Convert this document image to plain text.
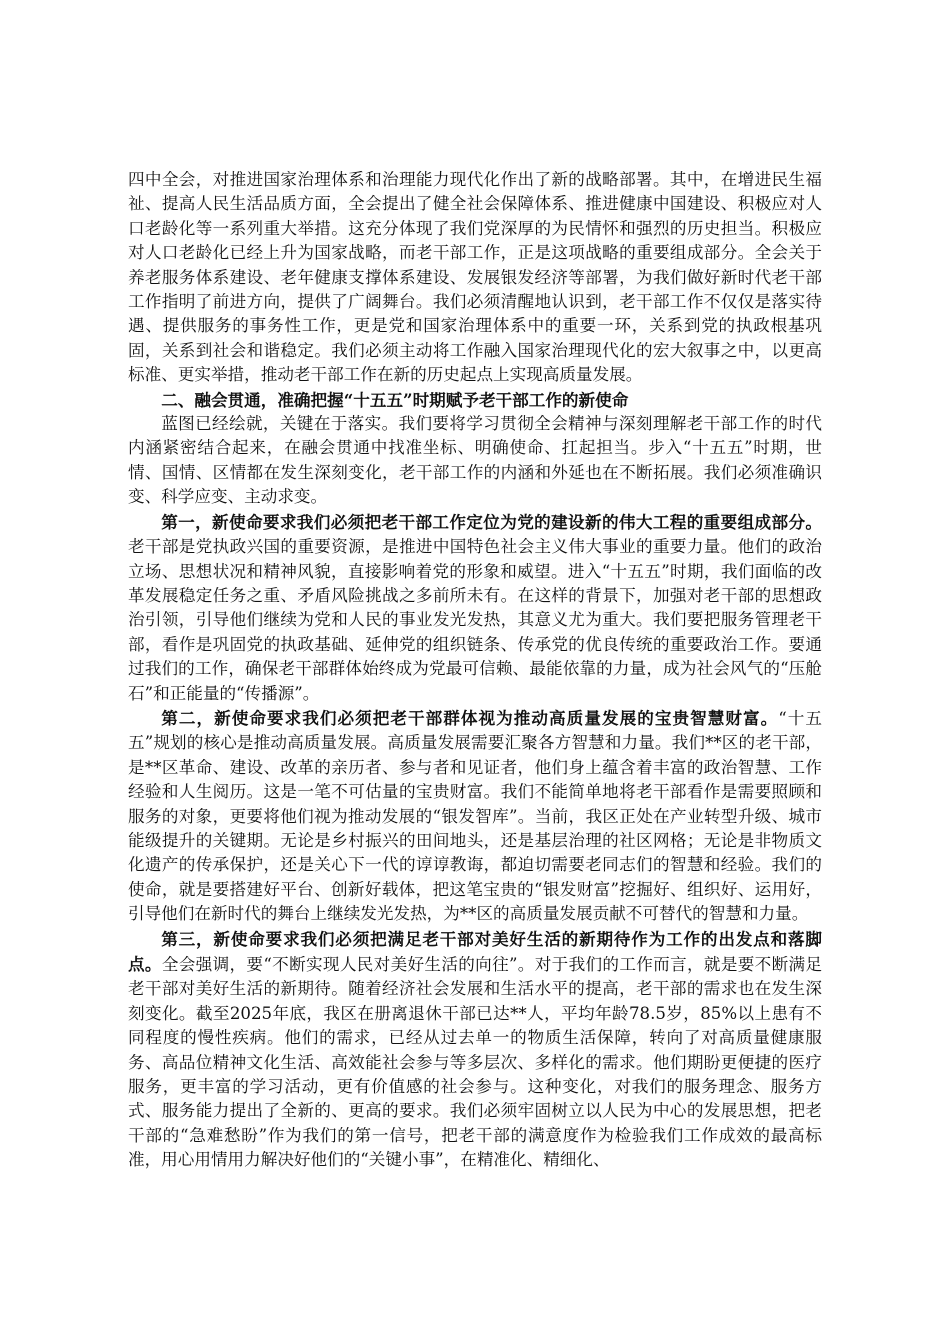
四中全会，对推进国家治理体系和治理能力现代化作出了新的战略部署。其中，在增进民生福祉、提高人民生活品质方面，全会提出了健全社会保障体系、推进健康中国建设、积极应对人口老龄化等一系列重大举措。这充分体现了我们党深厚的为民情怀和强烈的历史担当。积极应对人口老龄化已经上升为国家战略，而老干部工作，正是这项战略的重要组成部分。全会关于养老服务体系建设、老年健康支撑体系建设、发展银发经济等部署，为我们做好新时代老干部工作指明了前进方向，提供了广阔舞台。我们必须清醒地认识到，老干部工作不仅仅是落实待遇、提供服务的事务性工作，更是党和国家治理体系中的重要一环，关系到党的执政根基巩固，关系到社会和谐稳定。我们必须主动将工作融入国家治理现代化的宏大叙事之中，以更高标准、更实举措，推动老干部工作在新的历史起点上实现高质量发展。

二、融会贯通，准确把握“十五五”时期赋予老干部工作的新使命

蓝图已经绘就，关键在于落实。我们要将学习贯彻全会精神与深刻理解老干部工作的时代内涵紧密结合起来，在融会贯通中找准坐标、明确使命、扛起担当。步入“十五五”时期，世情、国情、区情都在发生深刻变化，老干部工作的内涵和外延也在不断拓展。我们必须准确识变、科学应变、主动求变。

第一，新使命要求我们必须把老干部工作定位为党的建设新的伟大工程的重要组成部分。老干部是党执政兴国的重要资源，是推进中国特色社会主义伟大事业的重要力量。他们的政治立场、思想状况和精神风貌，直接影响着党的形象和威望。进入“十五五”时期，我们面临的改革发展稳定任务之重、矛盾风险挑战之多前所未有。在这样的背景下，加强对老干部的思想政治引领，引导他们继续为党和人民的事业发光发热，其意义尤为重大。我们要把服务管理老干部，看作是巩固党的执政基础、延伸党的组织链条、传承党的优良传统的重要政治工作。要通过我们的工作，确保老干部群体始终成为党最可信赖、最能依靠的力量，成为社会风气的“压舱石”和正能量的“传播源”。

第二，新使命要求我们必须把老干部群体视为推动高质量发展的宝贵智慧财富。“十五五”规划的核心是推动高质量发展。高质量发展需要汇聚各方智慧和力量。我们**区的老干部，是**区革命、建设、改革的亲历者、参与者和见证者，他们身上蕴含着丰富的政治智慧、工作经验和人生阅历。这是一笔不可估量的宝贵财富。我们不能简单地将老干部看作是需要照顾和服务的对象，更要将他们视为推动发展的“银发智库”。当前，我区正处在产业转型升级、城市能级提升的关键期。无论是乡村振兴的田间地头，还是基层治理的社区网格；无论是非物质文化遗产的传承保护，还是关心下一代的谆谆教诲，都迫切需要老同志们的智慧和经验。我们的使命，就是要搭建好平台、创新好载体，把这笔宝贵的“银发财富”挖掘好、组织好、运用好，引导他们在新时代的舞台上继续发光发热，为**区的高质量发展贡献不可替代的智慧和力量。

第三，新使命要求我们必须把满足老干部对美好生活的新期待作为工作的出发点和落脚点。全会强调，要“不断实现人民对美好生活的向往”。对于我们的工作而言，就是要不断满足老干部对美好生活的新期待。随着经济社会发展和生活水平的提高，老干部的需求也在发生深刻变化。截至2025年底，我区在册离退休干部已达**人，平均年龄78.5岁，85%以上患有不同程度的慢性疾病。他们的需求，已经从过去单一的物质生活保障，转向了对高质量健康服务、高品位精神文化生活、高效能社会参与等多层次、多样化的需求。他们期盼更便捷的医疗服务，更丰富的学习活动，更有价值感的社会参与。这种变化，对我们的服务理念、服务方式、服务能力提出了全新的、更高的要求。我们必须牢固树立以人民为中心的发展思想，把老干部的“急难愁盼”作为我们的第一信号，把老干部的满意度作为检验我们工作成效的最高标准，用心用情用力解决好他们的“关键小事”，在精准化、精细化、
